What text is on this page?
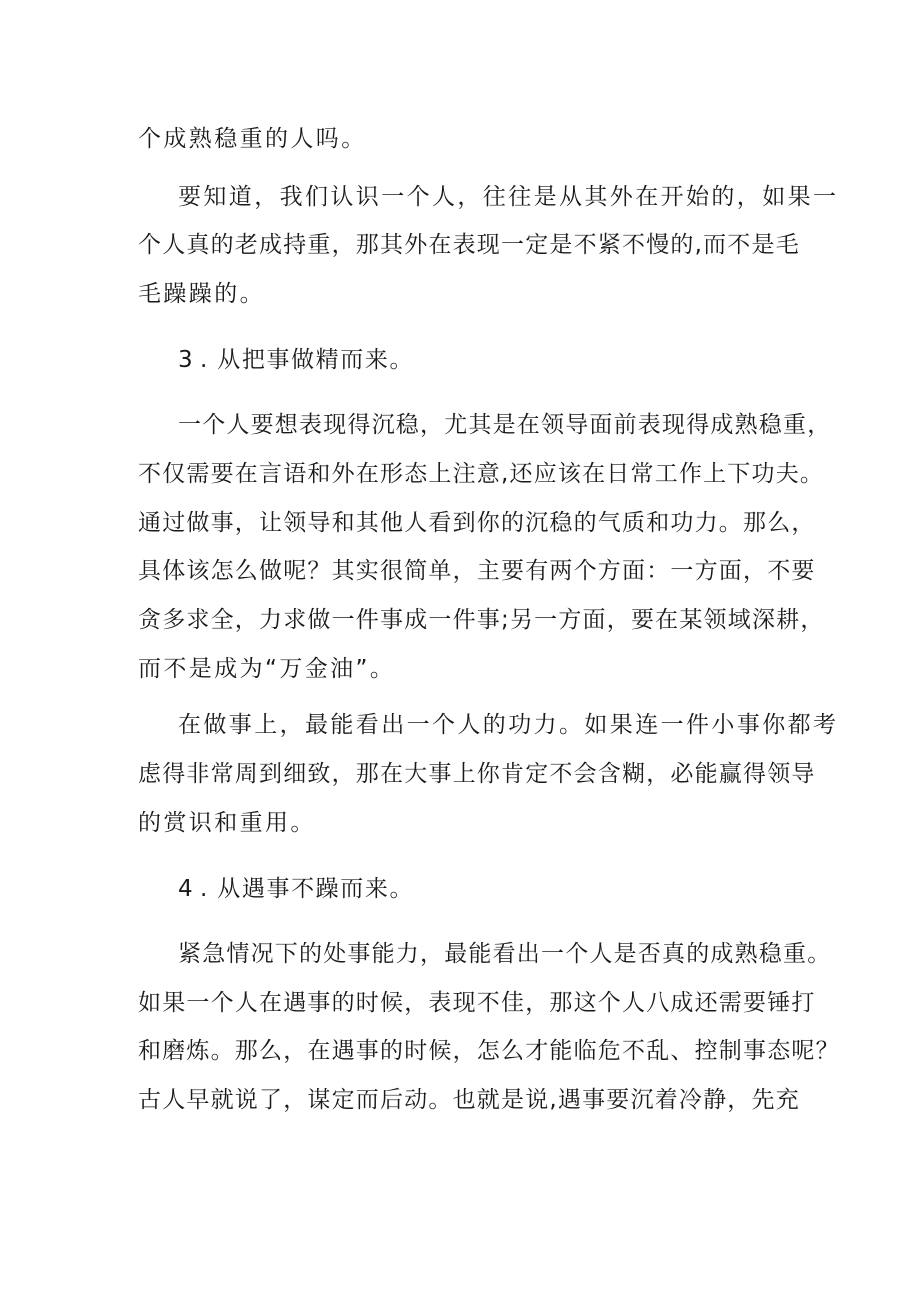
个成熟稳重的人吗。
要知道，我们认识一个人，往往是从其外在开始的，如果一
个人真的老成持重，那其外在表现一定是不紧不慢的,而不是毛
毛躁躁的。
3 . 从把事做精而来。
一个人要想表现得沉稳，尤其是在领导面前表现得成熟稳重，
不仅需要在言语和外在形态上注意,还应该在日常工作上下功夫。
通过做事，让领导和其他人看到你的沉稳的气质和功力。那么，
具体该怎么做呢？其实很简单，主要有两个方面：一方面，不要
贪多求全，力求做一件事成一件事;另一方面，要在某领域深耕，
而不是成为“万金油”。
在做事上，最能看出一个人的功力。如果连一件小事你都考
虑得非常周到细致，那在大事上你肯定不会含糊，必能赢得领导
的赏识和重用。
4 . 从遇事不躁而来。
紧急情况下的处事能力，最能看出一个人是否真的成熟稳重。
如果一个人在遇事的时候，表现不佳，那这个人八成还需要锤打
和磨炼。那么，在遇事的时候，怎么才能临危不乱、控制事态呢？
古人早就说了，谋定而后动。也就是说,遇事要沉着冷静，先充
